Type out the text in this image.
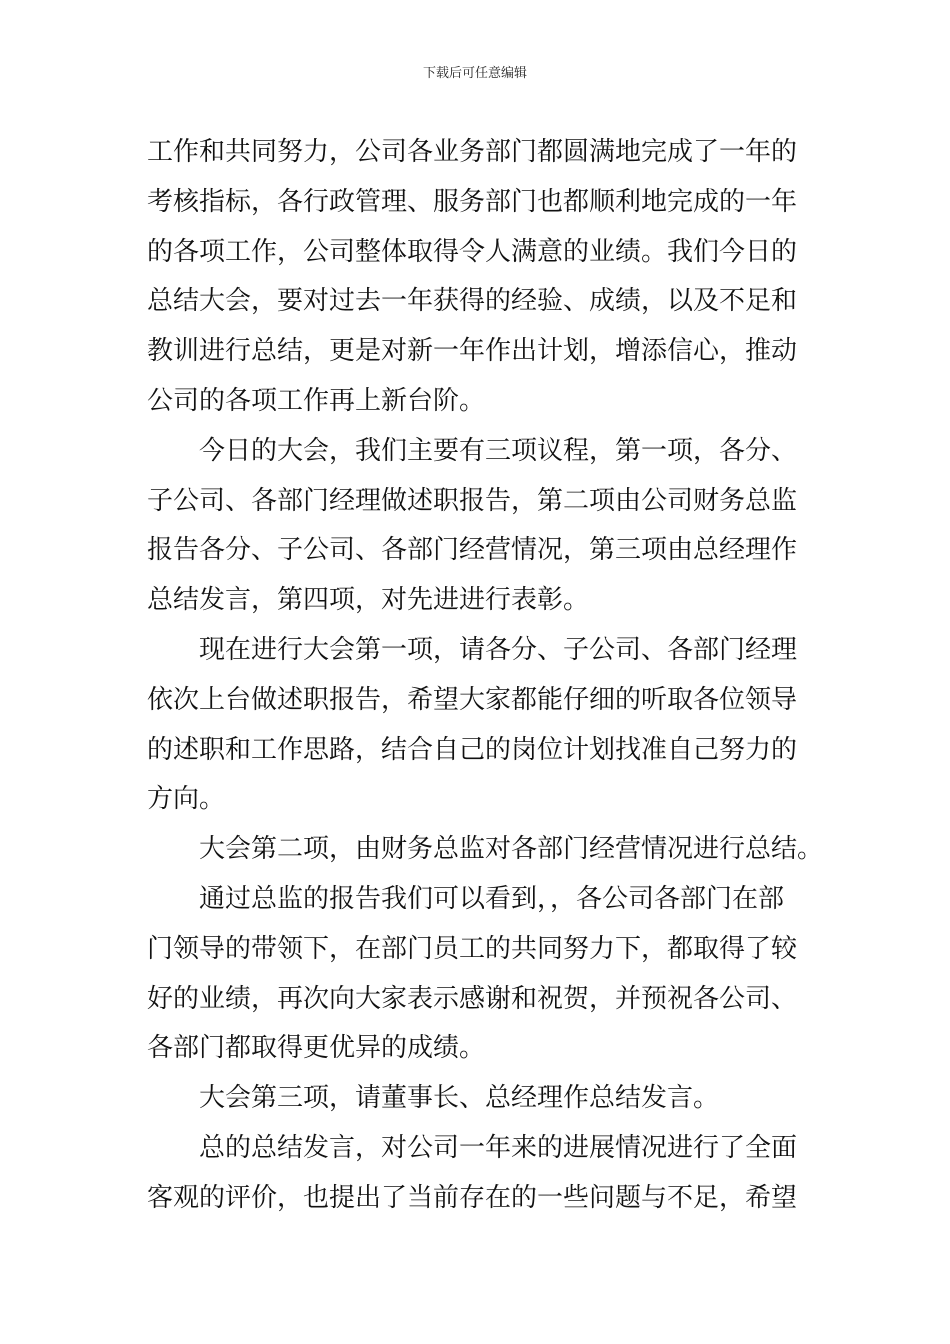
下载后可任意编辑
工作和共同努力，公司各业务部门都圆满地完成了一年的
考核指标，各行政管理、服务部门也都顺利地完成的一年
的各项工作，公司整体取得令人满意的业绩。我们今日的
总结大会，要对过去一年获得的经验、成绩，以及不足和
教训进行总结，更是对新一年作出计划，增添信心，推动
公司的各项工作再上新台阶。
今日的大会，我们主要有三项议程，第一项，各分、
子公司、各部门经理做述职报告，第二项由公司财务总监
报告各分、子公司、各部门经营情况，第三项由总经理作
总结发言，第四项，对先进进行表彰。
现在进行大会第一项，请各分、子公司、各部门经理
依次上台做述职报告，希望大家都能仔细的听取各位领导
的述职和工作思路，结合自己的岗位计划找准自己努力的
方向。
大会第二项，由财务总监对各部门经营情况进行总结。
通过总监的报告我们可以看到，，各公司各部门在部
门领导的带领下，在部门员工的共同努力下，都取得了较
好的业绩，再次向大家表示感谢和祝贺，并预祝各公司、
各部门都取得更优异的成绩。
大会第三项，请董事长、总经理作总结发言。
总的总结发言，对公司一年来的进展情况进行了全面
客观的评价，也提出了当前存在的一些问题与不足，希望
